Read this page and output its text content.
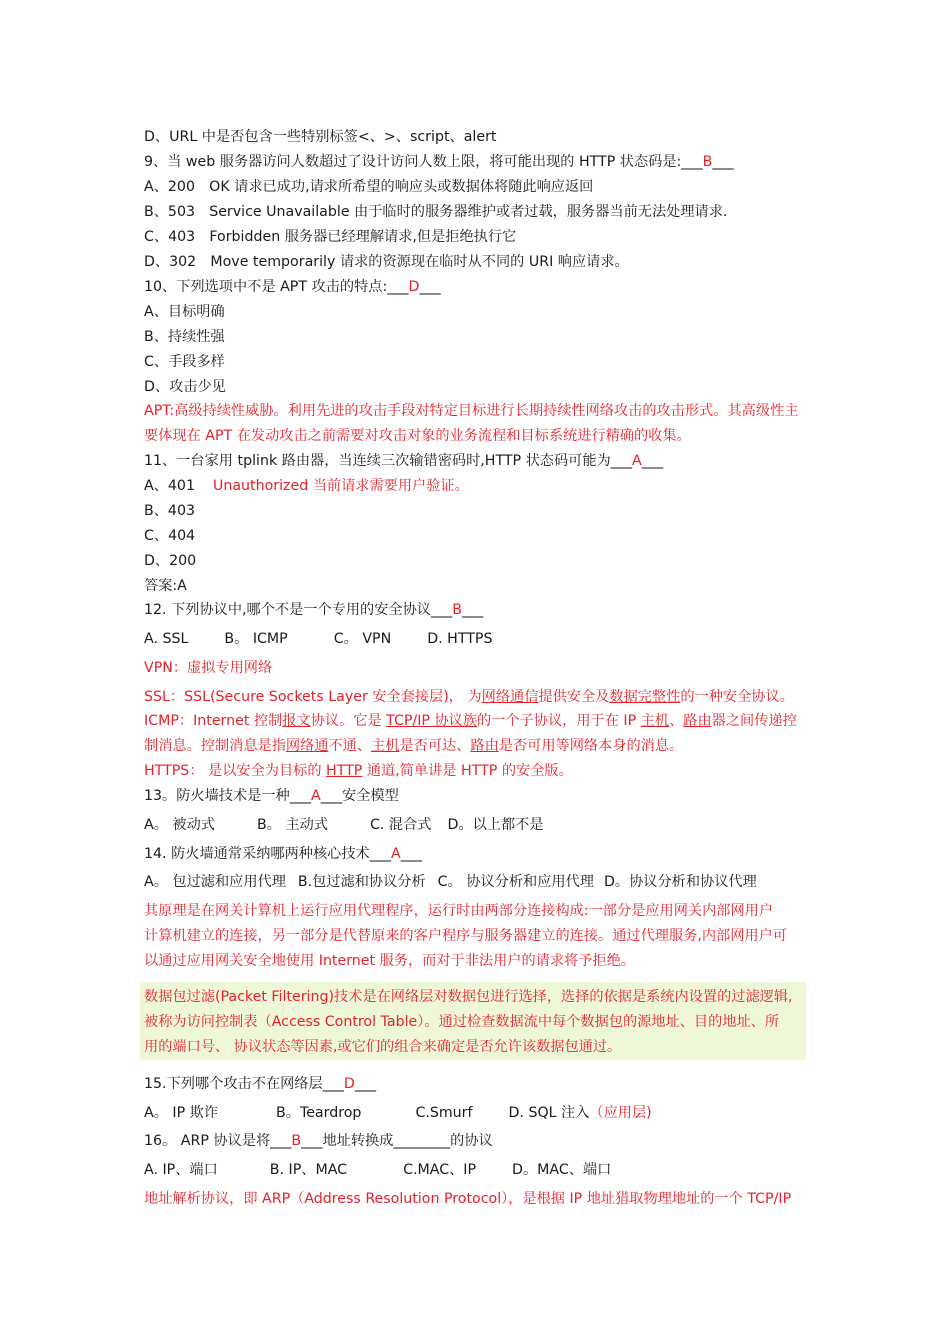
D、URL 中是否包含一些特别标签<、>、script、alert
9、当 web 服务器访问人数超过了设计访问人数上限，将可能出现的 HTTP 状态码是:___B___
A、200　OK 请求已成功,请求所希望的响应头或数据体将随此响应返回
B、503　Service Unavailable 由于临时的服务器维护或者过载，服务器当前无法处理请求.
C、403　Forbidden 服务器已经理解请求,但是拒绝执行它
D、302　Move temporarily 请求的资源现在临时从不同的 URI 响应请求。
10、下列选项中不是 APT 攻击的特点:___D___
A、目标明确
B、持续性强
C、手段多样
D、攻击少见
APT:高级持续性威胁。利用先进的攻击手段对特定目标进行长期持续性网络攻击的攻击形式。其高级性主
要体现在 APT 在发动攻击之前需要对攻击对象的业务流程和目标系统进行精确的收集。
11、一台家用 tplink 路由器，当连续三次输错密码时,HTTP 状态码可能为___A___
A、401 Unauthorized 当前请求需要用户验证。
B、403
C、404
D、200
答案:A
12. 下列协议中,哪个不是一个专用的安全协议___B___
A. SSL	B。 ICMP	C。 VPN	D. HTTPS
VPN：虚拟专用网络
SSL：SSL(Secure Sockets Layer 安全套接层)， 为网络通信提供安全及数据完整性的一种安全协议。
ICMP：Internet 控制报文协议。它是 TCP/IP 协议族的一个子协议，用于在 IP 主机、路由器之间传递控
制消息。控制消息是指网络通不通、主机是否可达、路由是否可用等网络本身的消息。
HTTPS： 是以安全为目标的 HTTP 通道,简单讲是 HTTP 的安全版。
13。防火墙技术是一种___A___安全模型
A。 被动式	B。 主动式	C. 混合式 D。以上都不是
14. 防火墙通常采纳哪两种核心技术___A___
A。 包过滤和应用代理 B.包过滤和协议分析 C。 协议分析和应用代理 D。协议分析和协议代理
其原理是在网关计算机上运行应用代理程序，运行时由两部分连接构成:一部分是应用网关内部网用户
计算机建立的连接，另一部分是代替原来的客户程序与服务器建立的连接。通过代理服务,内部网用户可
以通过应用网关安全地使用 Internet 服务，而对于非法用户的请求将予拒绝。
数据包过滤(Packet Filtering)技术是在网络层对数据包进行选择，选择的依据是系统内设置的过滤逻辑,
被称为访问控制表（Access Control Table）。通过检查数据流中每个数据包的源地址、目的地址、所
用的端口号、 协议状态等因素,或它们的组合来确定是否允许该数据包通过。
15.下列哪个攻击不在网络层___D___
A。 IP 欺诈	B。Teardrop	C.Smurf	D. SQL 注入（应用层)
16。 ARP 协议是将___B___地址转换成________的协议
A. IP、端口	B. IP、MAC	C.MAC、IP	D。MAC、端口
地址解析协议，即 ARP（Address Resolution Protocol），是根据 IP 地址猎取物理地址的一个 TCP/IP
